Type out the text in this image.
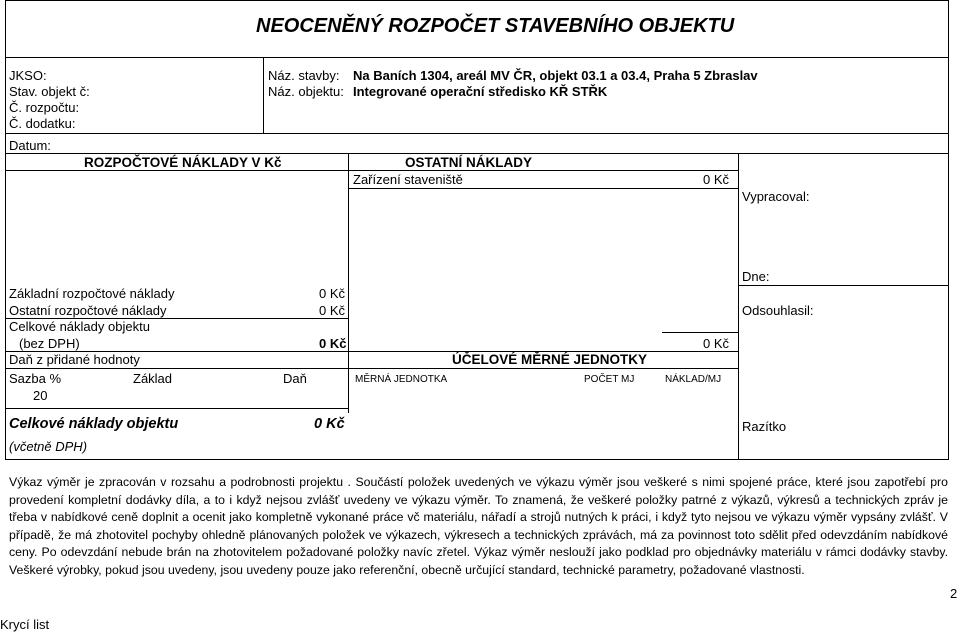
NEOCENĚNÝ ROZPOČET STAVEBNÍHO OBJEKTU
JKSO:
Stav. objekt č:
Č. rozpočtu:
Č. dodatku:
Náz. stavby: Na Baních 1304, areál MV ČR, objekt 03.1 a 03.4, Praha 5 Zbraslav
Náz. objektu: Integrované operační středisko KŘ STŘK
Datum:
ROZPOČTOVÉ NÁKLADY V Kč	OSTATNÍ NÁKLADY
Zařízení staveniště	0 Kč
Vypracoval:
Dne:
Základní rozpočtové náklady	0 Kč
Ostatní rozpočtové náklady	0 Kč	Odsouhlasil:
Celkové náklady objektu
(bez DPH)	0 Kč	0 Kč
Daň z přidané hodnoty	ÚČELOVÉ MĚRNÉ JEDNOTKY
Sazba %	Základ	Daň	MĚRNÁ JEDNOTKA	POČET MJ	NÁKLAD/MJ
20
Celkové náklady objektu	0 Kč
(včetně DPH)
Razítko
Výkaz výměr je zpracován v rozsahu a podrobnosti projektu . Součástí položek uvedených ve výkazu výměr jsou veškeré s nimi spojené práce, které jsou zapotřebí pro provedení kompletní dodávky díla, a to i když nejsou zvlášť uvedeny ve výkazu výměr. To znamená, že veškeré položky patrné z výkazů, výkresů a technických zpráv je třeba v nabídkové ceně doplnit a ocenit jako kompletně vykonané práce vč materiálu, nářadí a strojů nutných k práci, i když tyto nejsou ve výkazu výměr vypsány zvlášť. V případě, že má zhotovitel pochyby ohledně plánovaných položek ve výkazech, výkresech a technických zprávách, má za povinnost toto sdělit před odevzdáním nabídkové ceny. Po odevzdání nebude brán na zhotovitelem požadované položky navíc zřetel. Výkaz výměr neslouží jako podklad pro objednávky materiálu v rámci dodávky stavby. Veškeré výrobky, pokud jsou uvedeny, jsou uvedeny pouze jako referenční, obecně určující standard, technické parametry, požadované vlastnosti.
2
Krycí list
